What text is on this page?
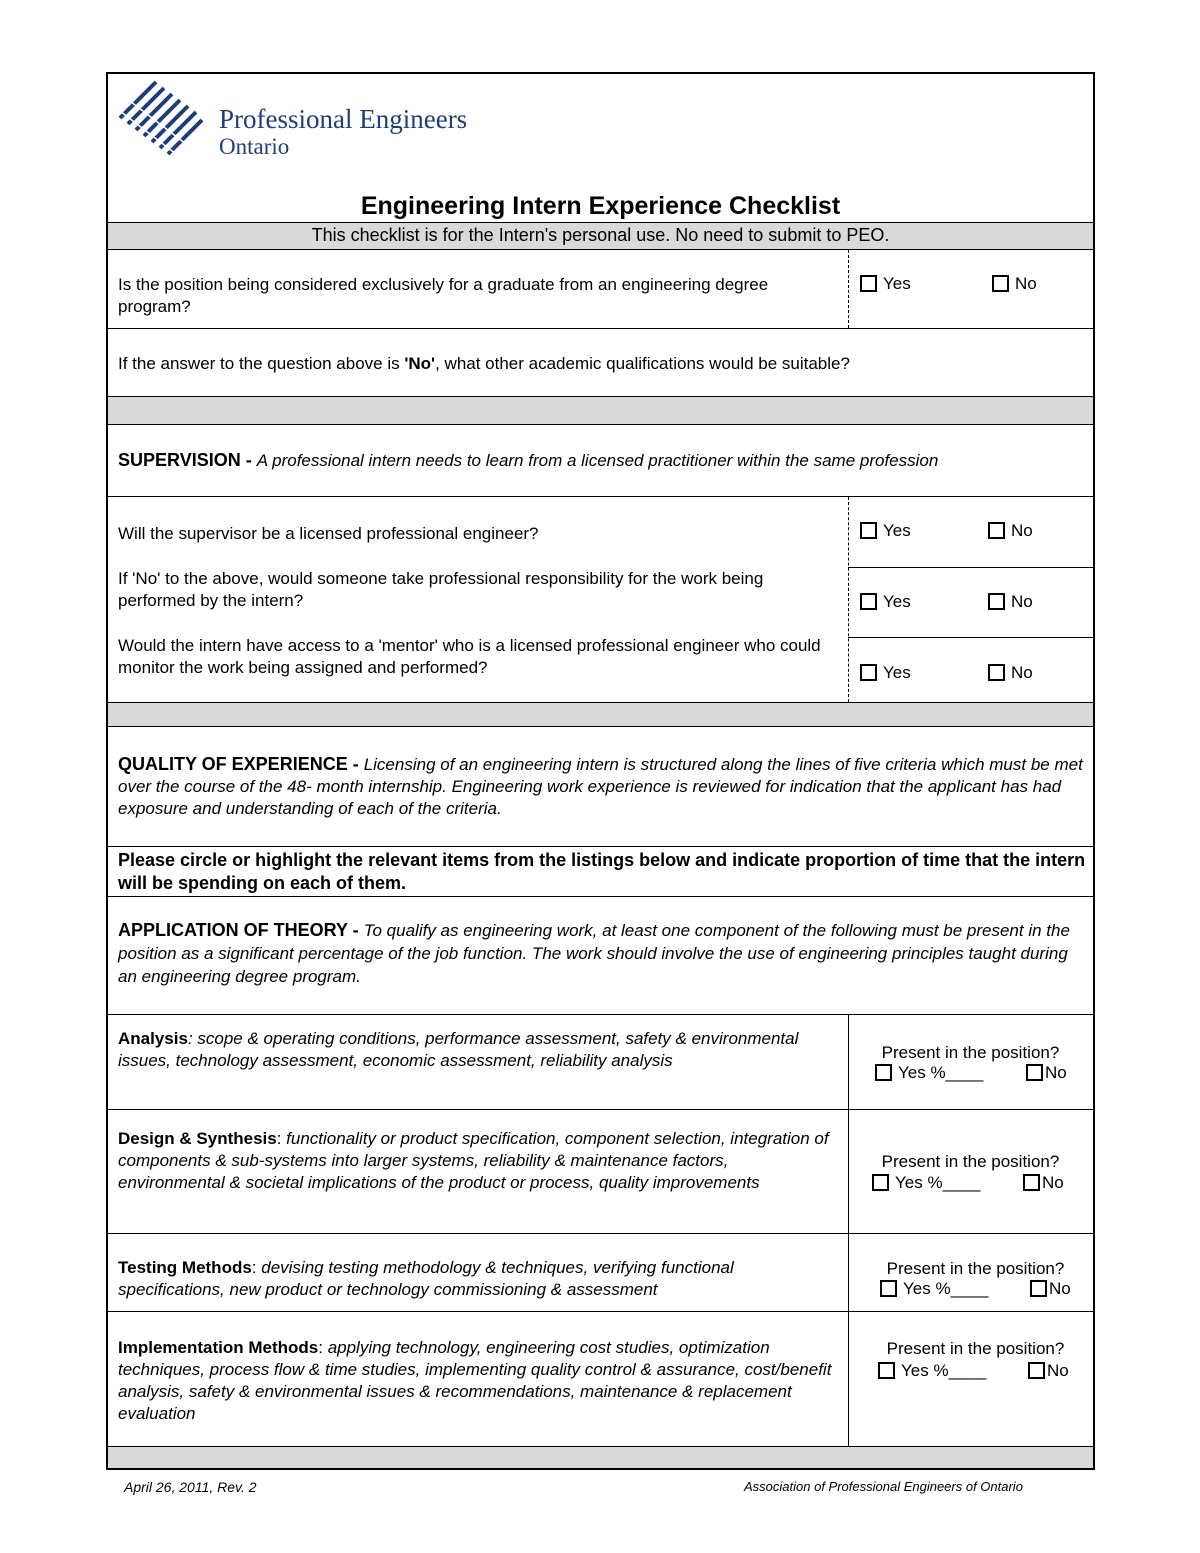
Professional Engineers
Ontario
Engineering Intern Experience Checklist
This checklist is for the Intern's personal use. No need to submit to PEO.
Is the position being considered exclusively for a graduate from an engineering degree program?
Yes	No
If the answer to the question above is 'No', what other academic qualifications would be suitable?
SUPERVISION - A professional intern needs to learn from a licensed practitioner within the same profession
Will the supervisor be a licensed professional engineer?	Yes	No
If 'No' to the above, would someone take professional responsibility for the work being performed by the intern?	Yes	No
Would the intern have access to a 'mentor' who is a licensed professional engineer who could monitor the work being assigned and performed?	Yes	No
QUALITY OF EXPERIENCE - Licensing of an engineering intern is structured along the lines of five criteria which must be met over the course of the 48- month internship. Engineering work experience is reviewed for indication that the applicant has had exposure and understanding of each of the criteria.
Please circle or highlight the relevant items from the listings below and indicate proportion of time that the intern will be spending on each of them.
APPLICATION OF THEORY - To qualify as engineering work, at least one component of the following must be present in the position as a significant percentage of the job function. The work should involve the use of engineering principles taught during an engineering degree program.
Analysis: scope & operating conditions, performance assessment, safety & environmental issues, technology assessment, economic assessment, reliability analysis	Present in the position?
Yes %____	No
Design & Synthesis: functionality or product specification, component selection, integration of components & sub-systems into larger systems, reliability & maintenance factors, environmental & societal implications of the product or process, quality improvements
Present in the position?
Yes %____	No
Testing Methods: devising testing methodology & techniques, verifying functional specifications, new product or technology commissioning & assessment
Present in the position?
Yes %____	No
Implementation Methods: applying technology, engineering cost studies, optimization techniques, process flow & time studies, implementing quality control & assurance, cost/benefit analysis, safety & environmental issues & recommendations, maintenance & replacement evaluation
Present in the position?
Yes %____	No
April 26, 2011, Rev. 2	Association of Professional Engineers of Ontario
